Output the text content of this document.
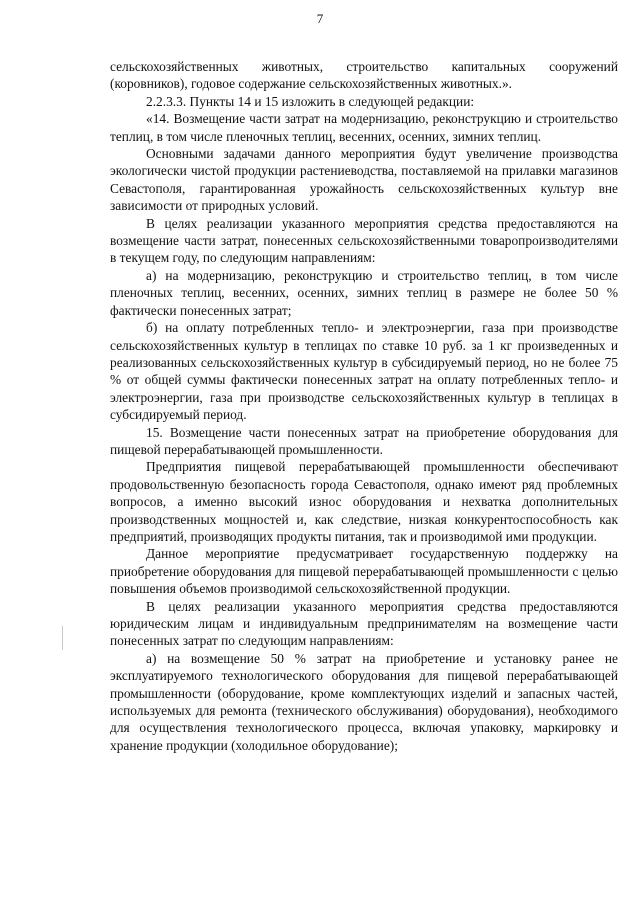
7

сельскохозяйственных животных, строительство капитальных сооружений (коровников), годовое содержание сельскохозяйственных животных.».

2.2.3.3. Пункты 14 и 15 изложить в следующей редакции:

«14. Возмещение части затрат на модернизацию, реконструкцию и строительство теплиц, в том числе пленочных теплиц, весенних, осенних, зимних теплиц.

Основными задачами данного мероприятия будут увеличение производства экологически чистой продукции растениеводства, поставляемой на прилавки магазинов Севастополя, гарантированная урожайность сельскохозяйственных культур вне зависимости от природных условий.

В целях реализации указанного мероприятия средства предоставляются на возмещение части затрат, понесенных сельскохозяйственными товаропроизводителями в текущем году, по следующим направлениям:

а) на модернизацию, реконструкцию и строительство теплиц, в том числе пленочных теплиц, весенних, осенних, зимних теплиц в размере не более 50 % фактически понесенных затрат;

б) на оплату потребленных тепло- и электроэнергии, газа при производстве сельскохозяйственных культур в теплицах по ставке 10 руб. за 1 кг произведенных и реализованных сельскохозяйственных культур в субсидируемый период, но не более 75 % от общей суммы фактически понесенных затрат на оплату потребленных тепло- и электроэнергии, газа при производстве сельскохозяйственных культур в теплицах в субсидируемый период.

15. Возмещение части понесенных затрат на приобретение оборудования для пищевой перерабатывающей промышленности.

Предприятия пищевой перерабатывающей промышленности обеспечивают продовольственную безопасность города Севастополя, однако имеют ряд проблемных вопросов, а именно высокий износ оборудования и нехватка дополнительных производственных мощностей и, как следствие, низкая конкурентоспособность как предприятий, производящих продукты питания, так и производимой ими продукции.

Данное мероприятие предусматривает государственную поддержку на приобретение оборудования для пищевой перерабатывающей промышленности с целью повышения объемов производимой сельскохозяйственной продукции.

В целях реализации указанного мероприятия средства предоставляются юридическим лицам и индивидуальным предпринимателям на возмещение части понесенных затрат по следующим направлениям:

а) на возмещение 50 % затрат на приобретение и установку ранее не эксплуатируемого технологического оборудования для пищевой перерабатывающей промышленности (оборудование, кроме комплектующих изделий и запасных частей, используемых для ремонта (технического обслуживания) оборудования), необходимого для осуществления технологического процесса, включая упаковку, маркировку и хранение продукции (холодильное оборудование);
